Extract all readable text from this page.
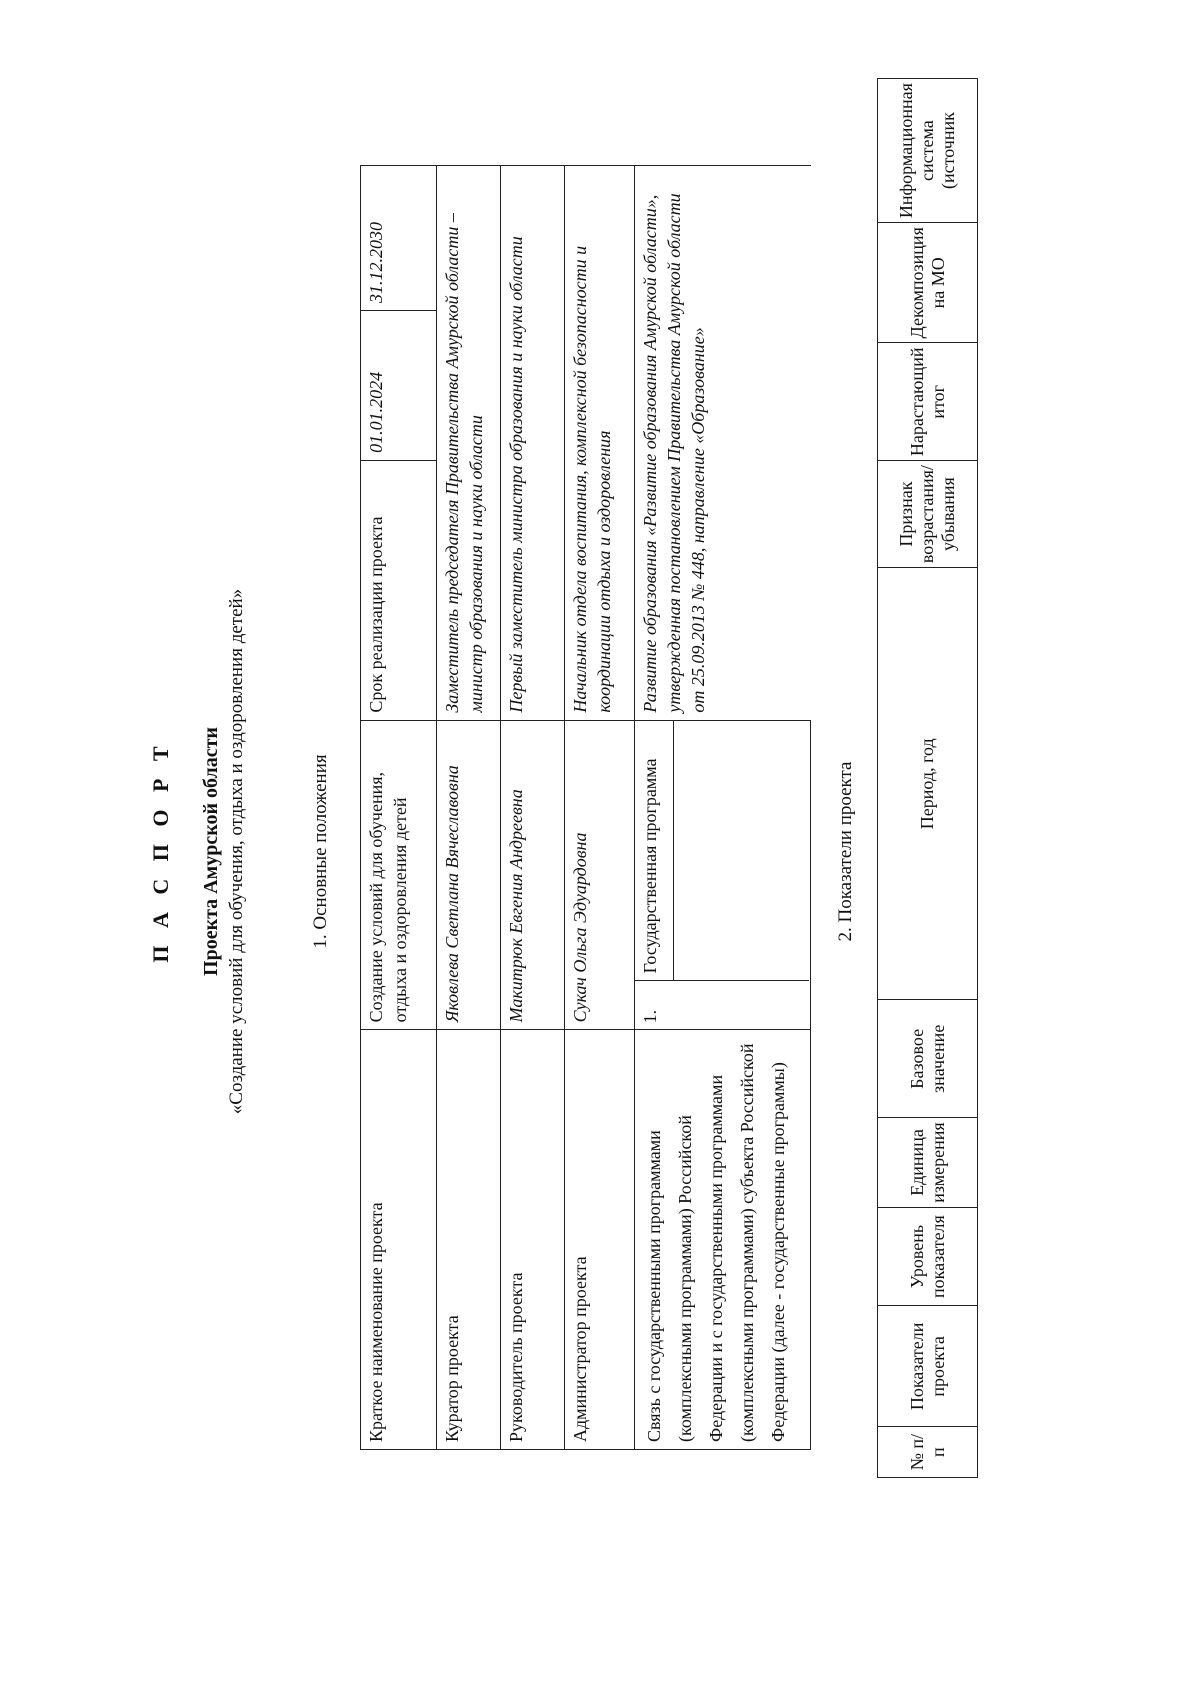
П А С П О Р Т Проекта Амурской области «Создание условий для обучения, отдыха и оздоровления детей»	1. Основные положения
Краткое наименование проекта	Создание условий для обучения, отдыха и оздоровления детей	Срок реализации проекта	01.01.2024	31.12.2030
Куратор проекта	Яковлева Светлана Вячеславовна	Заместитель председателя Правительства Амурской области – министр образования и науки области		
Руководитель проекта	Макитрюк Евгения Андреевна	Первый заместитель министра образования и науки области		
Администратор проекта	Сукач Ольга Эдуардовна	Начальник отдела воспитания, комплексной безопасности и координации отдыха и оздоровления		
Связь с государственными программами (комплексными программами) Российской Федерации и с государственными программами (комплексными программами) субъекта Российской Федерации (далее - государственные программы)	1.
Государственная программа	Развитие образования «Развитие образования Амурской области», утвержденная постановлением Правительства Амурской области от 25.09.2013 № 448, направление «Образование»		
2. Показатели проекта
№ п/п	Показатели проекта	Уровень показателя	Единица измерения	Базовое значение	Период, год	Признак возрастания/убывания	Нарастающий итог	Декомпозиция на МО	Информационная система (источник
